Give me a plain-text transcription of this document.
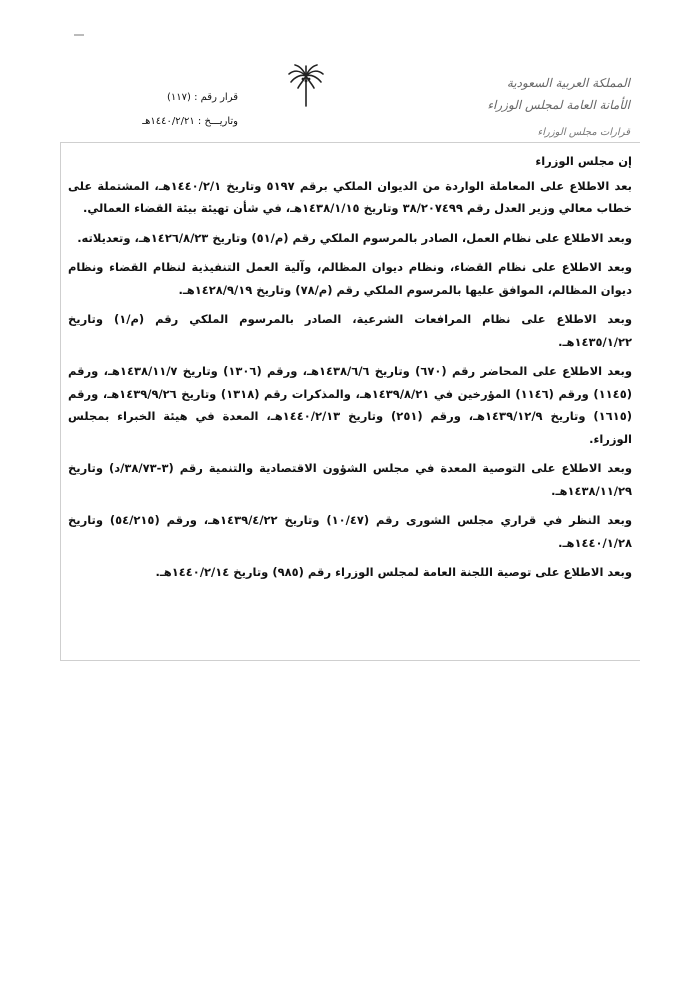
قرار رقم : (١١٧)
وتاريـــخ : ١٤٤٠/٢/٢١هـ
المملكة العربية السعودية
الأمانة العامة لمجلس الوزراء
قرارات مجلس الوزراء

إن مجلس الوزراء

بعد الاطلاع على المعاملة الواردة من الديوان الملكي برقم ٥١٩٧ وتاريخ ١٤٤٠/٢/١هـ، المشتملة على خطاب معالي وزير العدل رقم ٣٨/٢٠٧٤٩٩ وتاريخ ١٤٣٨/١/١٥هـ، في شأن تهيئة بيئة القضاء العمالي.

وبعد الاطلاع على نظام العمل، الصادر بالمرسوم الملكي رقم (م/٥١) وتاريخ ١٤٢٦/٨/٢٣هـ، وتعديلاته.

وبعد الاطلاع على نظام القضاء، ونظام ديوان المظالم، وآلية العمل التنفيذية لنظام القضاء ونظام ديوان المظالم، الموافق عليها بالمرسوم الملكي رقم (م/٧٨) وتاريخ ١٤٢٨/٩/١٩هـ.

وبعد الاطلاع على نظام المرافعات الشرعية، الصادر بالمرسوم الملكي رقم (م/١) وتاريخ ١٤٣٥/١/٢٢هـ.

وبعد الاطلاع على المحاضر رقم (٦٧٠) وتاريخ ١٤٣٨/٦/٦هـ، ورقم (١٣٠٦) وتاريخ ١٤٣٨/١١/٧هـ، ورقم (١١٤٥) ورقم (١١٤٦) المؤرخين في ١٤٣٩/٨/٢١هـ، والمذكرات رقم (١٣١٨) وتاريخ ١٤٣٩/٩/٢٦هـ، ورقم (١٦١٥) وتاريخ ١٤٣٩/١٢/٩هـ، ورقم (٢٥١) وتاريخ ١٤٤٠/٢/١٣هـ، المعدة في هيئة الخبراء بمجلس الوزراء.

وبعد الاطلاع على التوصية المعدة في مجلس الشؤون الاقتصادية والتنمية رقم (٣-٣٨/٧٣/د) وتاريخ ١٤٣٨/١١/٢٩هـ.

وبعد النظر في قراري مجلس الشورى رقم (١٠/٤٧) وتاريخ ١٤٣٩/٤/٢٢هـ، ورقم (٥٤/٢١٥) وتاريخ ١٤٤٠/١/٢٨هـ.

وبعد الاطلاع على توصية اللجنة العامة لمجلس الوزراء رقم (٩٨٥) وتاريخ ١٤٤٠/٢/١٤هـ.
